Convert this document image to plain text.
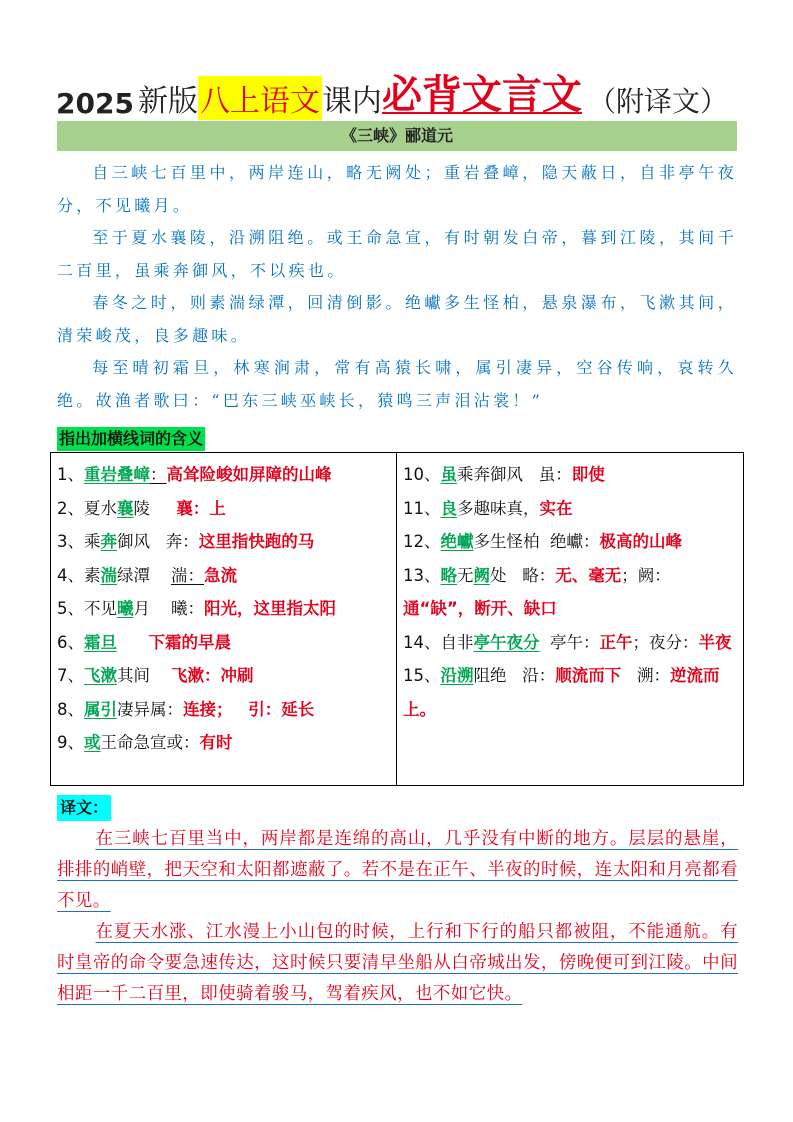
2025 新版 八上语文 课内 必背文言文 （附译文）
《三峡》郦道元

自三峡七百里中，两岸连山，略无阙处；重岩叠嶂，隐天蔽日，自非亭午夜分，不见曦月。

至于夏水襄陵，沿溯阻绝。或王命急宣，有时朝发白帝，暮到江陵，其间千二百里，虽乘奔御风，不以疾也。

春冬之时，则素湍绿潭，回清倒影。绝巘多生怪柏，悬泉瀑布，飞漱其间，清荣峻茂，良多趣味。

每至晴初霜旦，林寒涧肃，常有高猿长啸，属引凄异，空谷传响，哀转久绝。故渔者歌曰：“巴东三峡巫峡长，猿鸣三声泪沾裳！”

指出加横线词的含义
1、重岩叠嶂：高耸险峻如屏障的山峰
2、夏水襄陵     襄：上
3、乘奔御风   奔：这里指快跑的马
4、素湍绿潭    湍：急流
5、不见曦月    曦：阳光，这里指太阳
6、霜旦 下霜的早晨
7、飞漱其间    飞漱：冲刷
8、属引凄异属：连接； 引：延长
9、或王命急宣或：有时
10、虽乘奔御风   虽：即使
11、良多趣味真，实在
12、绝巘多生怪柏  绝巘：极高的山峰
13、略无阙处   略：无、毫无；阙：通“缺”，断开、缺口
14、自非亭午夜分 亭午：正午；夜分：半夜
15、沿溯阻绝   沿：顺流而下   溯：逆流而上。
译文：

在三峡七百里当中，两岸都是连绵的高山，几乎没有中断的地方。层层的悬崖，排排的峭壁，把天空和太阳都遮蔽了。若不是在正午、半夜的时候，连太阳和月亮都看不见。

在夏天水涨、江水漫上小山包的时候，上行和下行的船只都被阻，不能通航。有时皇帝的命令要急速传达，这时候只要清早坐船从白帝城出发，傍晚便可到江陵。中间相距一千二百里，即使骑着骏马，驾着疾风，也不如它快。
